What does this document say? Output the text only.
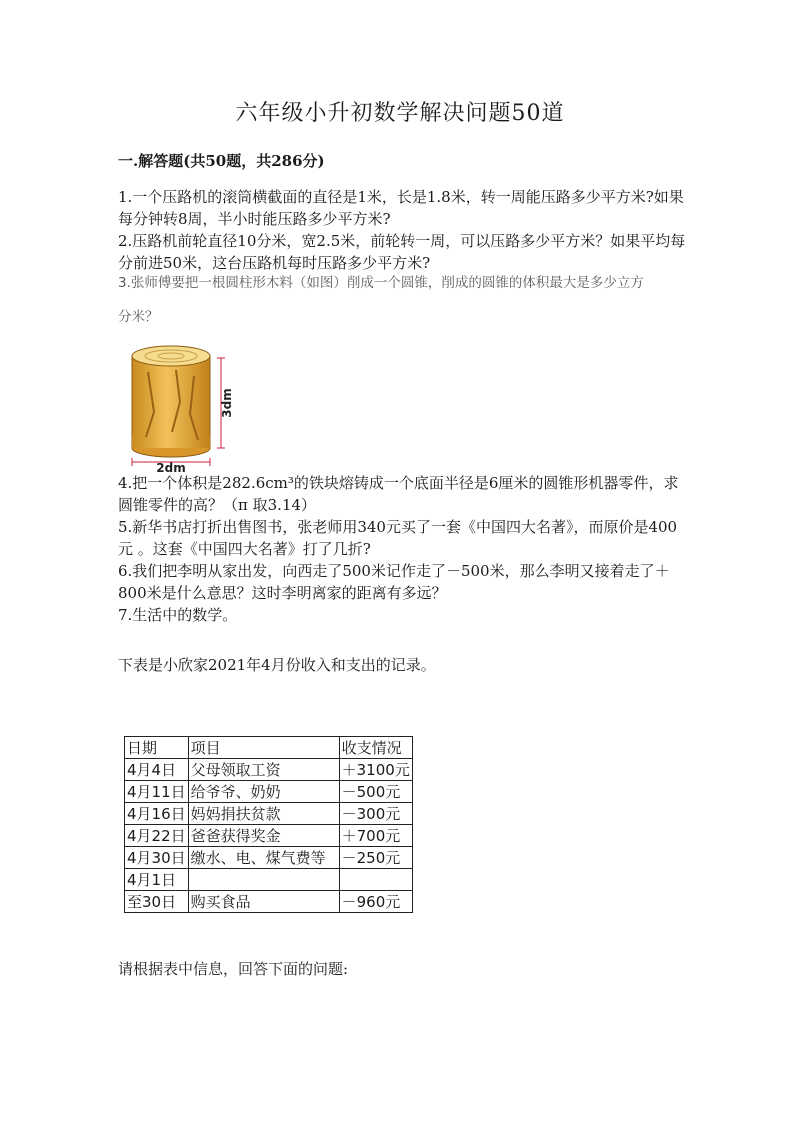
六年级小升初数学解决问题50道
一.解答题(共50题，共286分)
1.一个压路机的滚筒横截面的直径是1米，长是1.8米，转一周能压路多少平方米?如果每分钟转8周，半小时能压路多少平方米?
2.压路机前轮直径10分米，宽2.5米，前轮转一周，可以压路多少平方米？如果平均每分前进50米，这台压路机每时压路多少平方米?
3.张师傅要把一根圆柱形木料（如图）削成一个圆锥，削成的圆锥的体积最大是多少立方
分米？
3dm
2dm
4.把一个体积是282.6cm³的铁块熔铸成一个底面半径是6厘米的圆锥形机器零件，求圆锥零件的高？（π 取3.14）
5.新华书店打折出售图书，张老师用340元买了一套《中国四大名著》，而原价是400元 。这套《中国四大名著》打了几折?
6.我们把李明从家出发，向西走了500米记作走了－500米，那么李明又接着走了＋800米是什么意思？这时李明离家的距离有多远？
7.生活中的数学。
下表是小欣家2021年4月份收入和支出的记录。
日期	项目	收支情况
4月4日	父母领取工资	＋3100元
4月11日	给爷爷、奶奶	－500元
4月16日	妈妈捐扶贫款	－300元
4月22日	爸爸获得奖金	＋700元
4月30日	缴水、电、煤气费等	－250元
4月1日		
至30日	购买食品	－960元
请根据表中信息，回答下面的问题:
